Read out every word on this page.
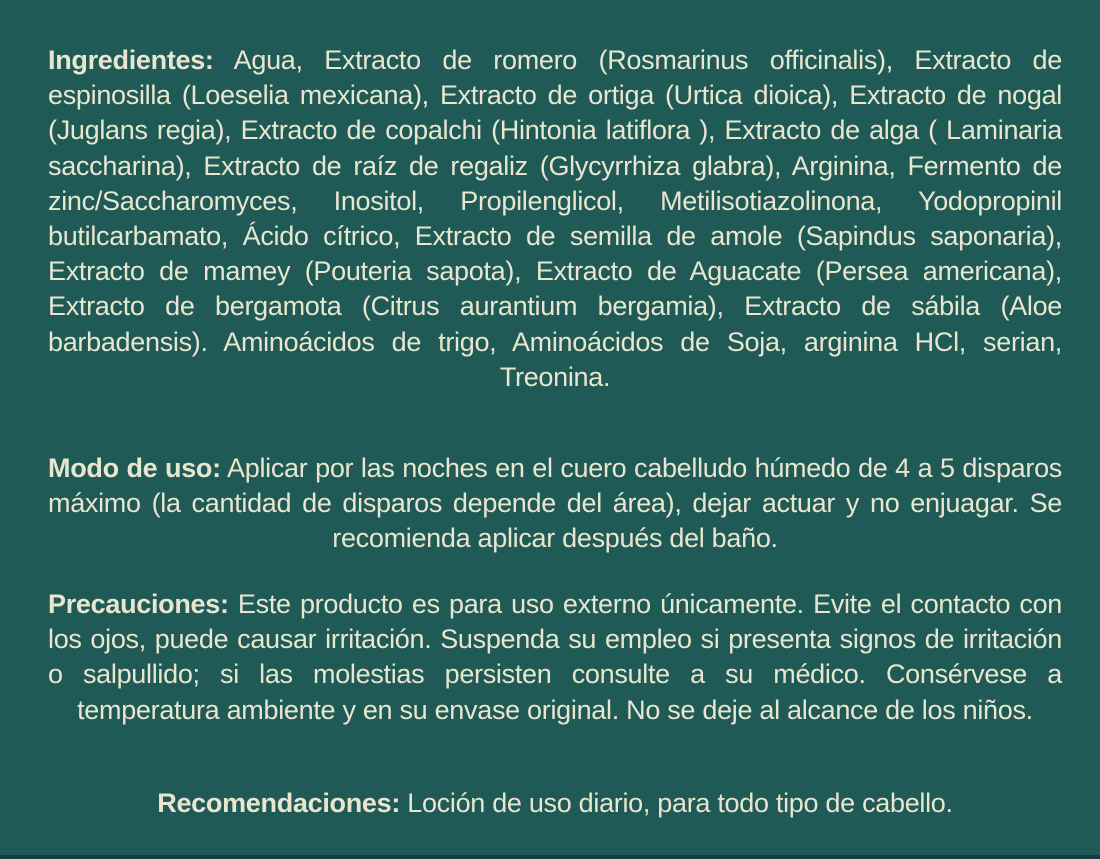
Ingredientes: Agua, Extracto de romero (Rosmarinus officinalis), Extracto de espinosilla (Loeselia mexicana), Extracto de ortiga (Urtica dioica), Extracto de nogal (Juglans regia), Extracto de copalchi (Hintonia latiflora ), Extracto de alga ( Laminaria saccharina), Extracto de raíz de regaliz (Glycyrrhiza glabra), Arginina, Fermento de zinc/Saccharomyces, Inositol, Propilenglicol, Metilisotiazolinona, Yodopropinil butilcarbamato, Ácido cítrico, Extracto de semilla de amole (Sapindus saponaria), Extracto de mamey (Pouteria sapota), Extracto de Aguacate (Persea americana), Extracto de bergamota (Citrus aurantium bergamia), Extracto de sábila (Aloe barbadensis). Aminoácidos de trigo, Aminoácidos de Soja, arginina HCl, serian, Treonina.
Modo de uso: Aplicar por las noches en el cuero cabelludo húmedo de 4 a 5 disparos máximo (la cantidad de disparos depende del área), dejar actuar y no enjuagar. Se recomienda aplicar después del baño.
Precauciones: Este producto es para uso externo únicamente. Evite el contacto con los ojos, puede causar irritación. Suspenda su empleo si presenta signos de irritación o salpullido; si las molestias persisten consulte a su médico. Consérvese a temperatura ambiente y en su envase original. No se deje al alcance de los niños.
Recomendaciones: Loción de uso diario, para todo tipo de cabello.
